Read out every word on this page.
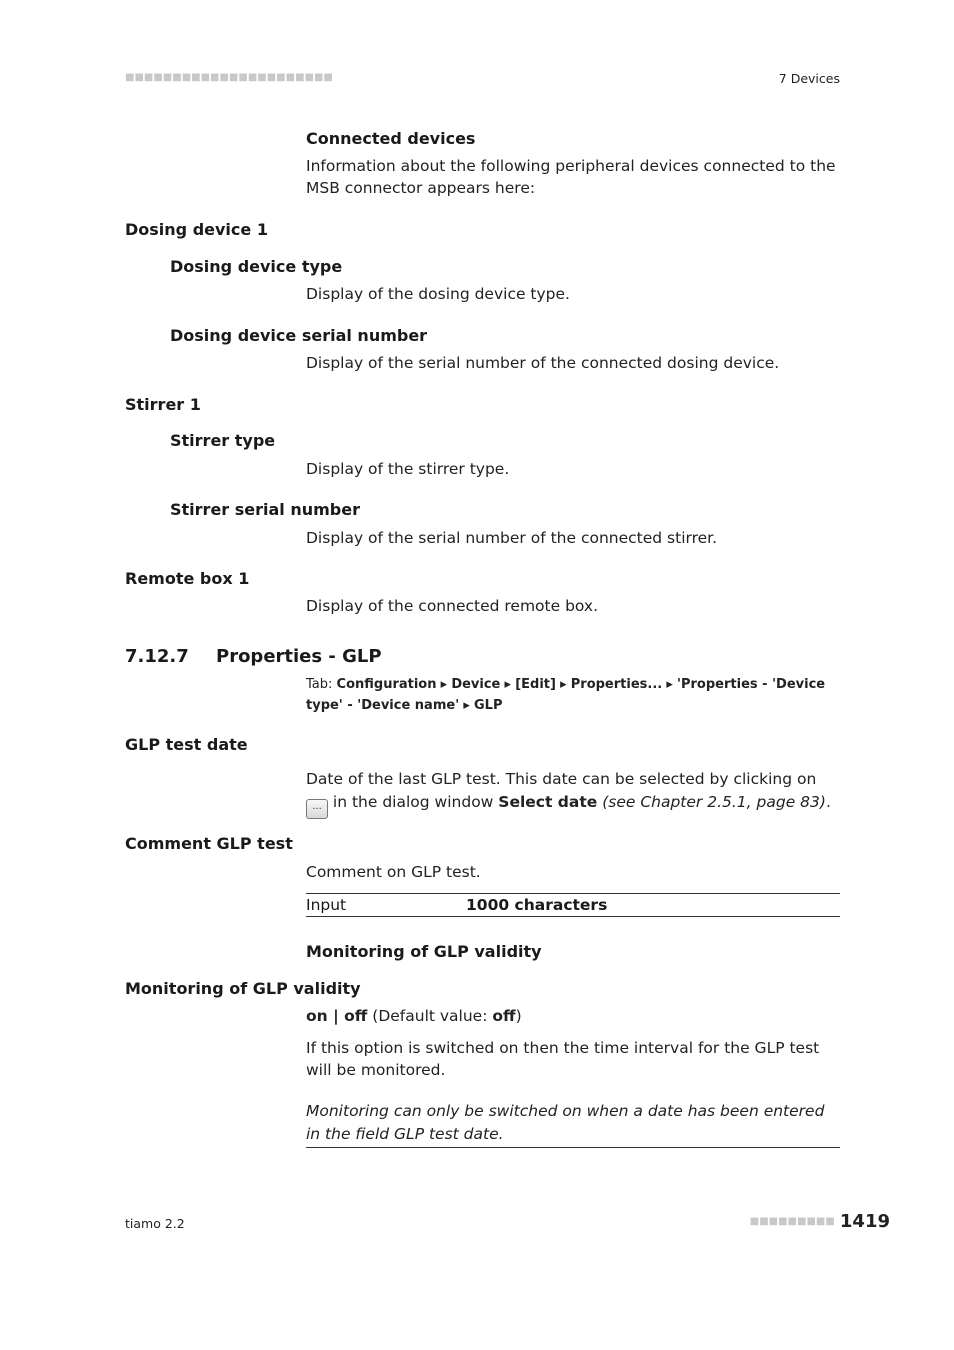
■■■■■■■■■■■■■■■■■■■■■■	7 Devices
Connected devices
Information about the following peripheral devices connected to the MSB connector appears here:
Dosing device 1
Dosing device type
Display of the dosing device type.
Dosing device serial number
Display of the serial number of the connected dosing device.
Stirrer 1
Stirrer type
Display of the stirrer type.
Stirrer serial number
Display of the serial number of the connected stirrer.
Remote box 1
Display of the connected remote box.
7.12.7 Properties - GLP
Tab: Configuration ▸ Device ▸ [Edit] ▸ Properties... ▸ 'Properties - 'Device type' - 'Device name' ▸ GLP
GLP test date
Date of the last GLP test. This date can be selected by clicking on ... in the dialog window Select date (see Chapter 2.5.1, page 83).
Comment GLP test
Comment on GLP test.
Input	1000 characters
Monitoring of GLP validity
Monitoring of GLP validity
on | off (Default value: off)
If this option is switched on then the time interval for the GLP test will be monitored.
Monitoring can only be switched on when a date has been entered in the field GLP test date.
tiamo 2.2	■■■■■■■■■ 1419
